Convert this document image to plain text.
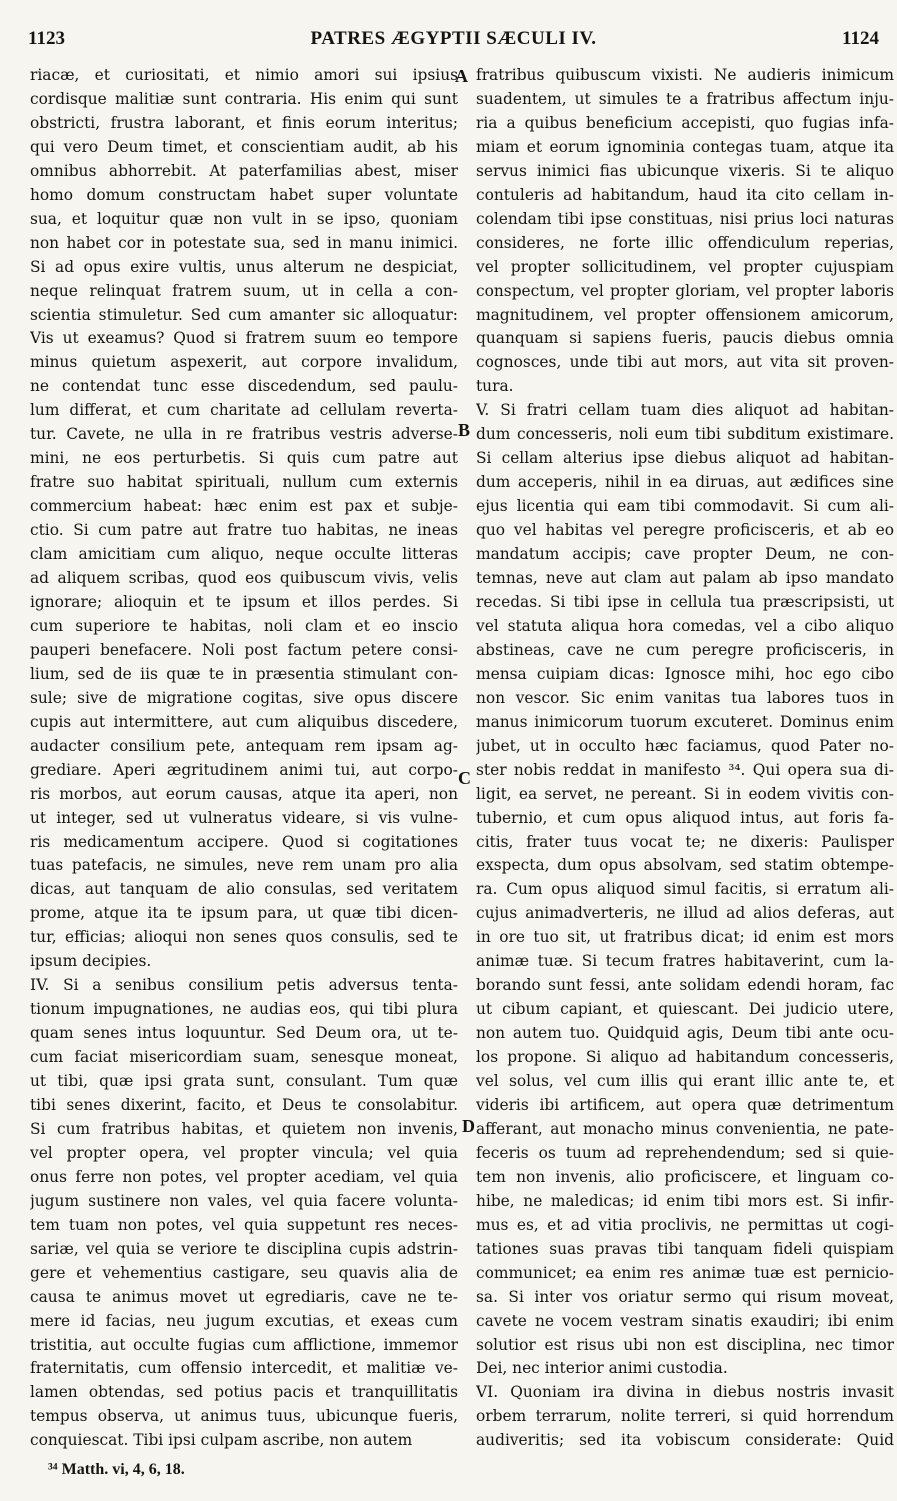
1123	PATRES ÆGYPTII SÆCULI IV.	1124
riacæ, et curiositati, et nimio amori sui ipsius
cordisque malitiæ sunt contraria. His enim qui sunt
obstricti, frustra laborant, et finis eorum interitus;
qui vero Deum timet, et conscientiam audit, ab his
omnibus abhorrebit. At paterfamilias abest, miser
homo domum constructam habet super voluntate
sua, et loquitur quæ non vult in se ipso, quoniam
non habet cor in potestate sua, sed in manu inimici.
Si ad opus exire vultis, unus alterum ne despiciat,
neque relinquat fratrem suum, ut in cella a con-
scientia stimuletur. Sed cum amanter sic alloquatur:
Vis ut exeamus? Quod si fratrem suum eo tempore
minus quietum aspexerit, aut corpore invalidum,
ne contendat tunc esse discedendum, sed paulu-
lum differat, et cum charitate ad cellulam reverta-
tur. Cavete, ne ulla in re fratribus vestris adverse-
mini, ne eos perturbetis. Si quis cum patre aut
fratre suo habitat spirituali, nullum cum externis
commercium habeat: hæc enim est pax et subje-
ctio. Si cum patre aut fratre tuo habitas, ne ineas
clam amicitiam cum aliquo, neque occulte litteras
ad aliquem scribas, quod eos quibuscum vivis, velis
ignorare; alioquin et te ipsum et illos perdes. Si
cum superiore te habitas, noli clam et eo inscio
pauperi benefacere. Noli post factum petere consi-
lium, sed de iis quæ te in præsentia stimulant con-
sule; sive de migratione cogitas, sive opus discere
cupis aut intermittere, aut cum aliquibus discedere,
audacter consilium pete, antequam rem ipsam ag-
grediare. Aperi ægritudinem animi tui, aut corpo-
ris morbos, aut eorum causas, atque ita aperi, non
ut integer, sed ut vulneratus videare, si vis vulne-
ris medicamentum accipere. Quod si cogitationes
tuas patefacis, ne simules, neve rem unam pro alia
dicas, aut tanquam de alio consulas, sed veritatem
prome, atque ita te ipsum para, ut quæ tibi dicen-
tur, efficias; alioqui non senes quos consulis, sed te
ipsum decipies.
IV. Si a senibus consilium petis adversus tenta-
tionum impugnationes, ne audias eos, qui tibi plura
quam senes intus loquuntur. Sed Deum ora, ut te-
cum faciat misericordiam suam, senesque moneat,
ut tibi, quæ ipsi grata sunt, consulant. Tum quæ
tibi senes dixerint, facito, et Deus te consolabitur.
Si cum fratribus habitas, et quietem non invenis,
vel propter opera, vel propter vincula; vel quia
onus ferre non potes, vel propter acediam, vel quia
jugum sustinere non vales, vel quia facere volunta-
tem tuam non potes, vel quia suppetunt res neces-
sariæ, vel quia se veriore te disciplina cupis adstrin-
gere et vehementius castigare, seu quavis alia de
causa te animus movet ut egrediaris, cave ne te-
mere id facias, neu jugum excutias, et exeas cum
tristitia, aut occulte fugias cum afflictione, immemor
fraternitatis, cum offensio intercedit, et malitiæ ve-
lamen obtendas, sed potius pacis et tranquillitatis
tempus observa, ut animus tuus, ubicunque fueris,
conquiescat. Tibi ipsi culpam ascribe, non autem
fratribus quibuscum vixisti. Ne audieris inimicum
suadentem, ut simules te a fratribus affectum inju-
ria a quibus beneficium accepisti, quo fugias infa-
miam et eorum ignominia contegas tuam, atque ita
servus inimici fias ubicunque vixeris. Si te aliquo
contuleris ad habitandum, haud ita cito cellam in-
colendam tibi ipse constituas, nisi prius loci naturas
consideres, ne forte illic offendiculum reperias,
vel propter sollicitudinem, vel propter cujuspiam
conspectum, vel propter gloriam, vel propter laboris
magnitudinem, vel propter offensionem amicorum,
quanquam si sapiens fueris, paucis diebus omnia
cognosces, unde tibi aut mors, aut vita sit proven-
tura.
V. Si fratri cellam tuam dies aliquot ad habitan-
dum concesseris, noli eum tibi subditum existimare.
Si cellam alterius ipse diebus aliquot ad habitan-
dum acceperis, nihil in ea diruas, aut ædifices sine
ejus licentia qui eam tibi commodavit. Si cum ali-
quo vel habitas vel peregre proficisceris, et ab eo
mandatum accipis; cave propter Deum, ne con-
temnas, neve aut clam aut palam ab ipso mandato
recedas. Si tibi ipse in cellula tua præscripsisti, ut
vel statuta aliqua hora comedas, vel a cibo aliquo
abstineas, cave ne cum peregre proficisceris, in
mensa cuipiam dicas: Ignosce mihi, hoc ego cibo
non vescor. Sic enim vanitas tua labores tuos in
manus inimicorum tuorum excuteret. Dominus enim
jubet, ut in occulto hæc faciamus, quod Pater no-
ster nobis reddat in manifesto ³⁴. Qui opera sua di-
ligit, ea servet, ne pereant. Si in eodem vivitis con-
tubernio, et cum opus aliquod intus, aut foris fa-
citis, frater tuus vocat te; ne dixeris: Paulisper
exspecta, dum opus absolvam, sed statim obtempe-
ra. Cum opus aliquod simul facitis, si erratum ali-
cujus animadverteris, ne illud ad alios deferas, aut
in ore tuo sit, ut fratribus dicat; id enim est mors
animæ tuæ. Si tecum fratres habitaverint, cum la-
borando sunt fessi, ante solidam edendi horam, fac
ut cibum capiant, et quiescant. Dei judicio utere,
non autem tuo. Quidquid agis, Deum tibi ante ocu-
los propone. Si aliquo ad habitandum concesseris,
vel solus, vel cum illis qui erant illic ante te, et
videris ibi artificem, aut opera quæ detrimentum
afferant, aut monacho minus convenientia, ne pate-
feceris os tuum ad reprehendendum; sed si quie-
tem non invenis, alio proficiscere, et linguam co-
hibe, ne maledicas; id enim tibi mors est. Si infir-
mus es, et ad vitia proclivis, ne permittas ut cogi-
tationes suas pravas tibi tanquam fideli quispiam
communicet; ea enim res animæ tuæ est pernicio-
sa. Si inter vos oriatur sermo qui risum moveat,
cavete ne vocem vestram sinatis exaudiri; ibi enim
solutior est risus ubi non est disciplina, nec timor
Dei, nec interior animi custodia.
VI. Quoniam ira divina in diebus nostris invasit
orbem terrarum, nolite terreri, si quid horrendum
audiveritis; sed ita vobiscum considerate: Quid
A
B
C
D
³⁴ Matth. vi, 4, 6, 18.
